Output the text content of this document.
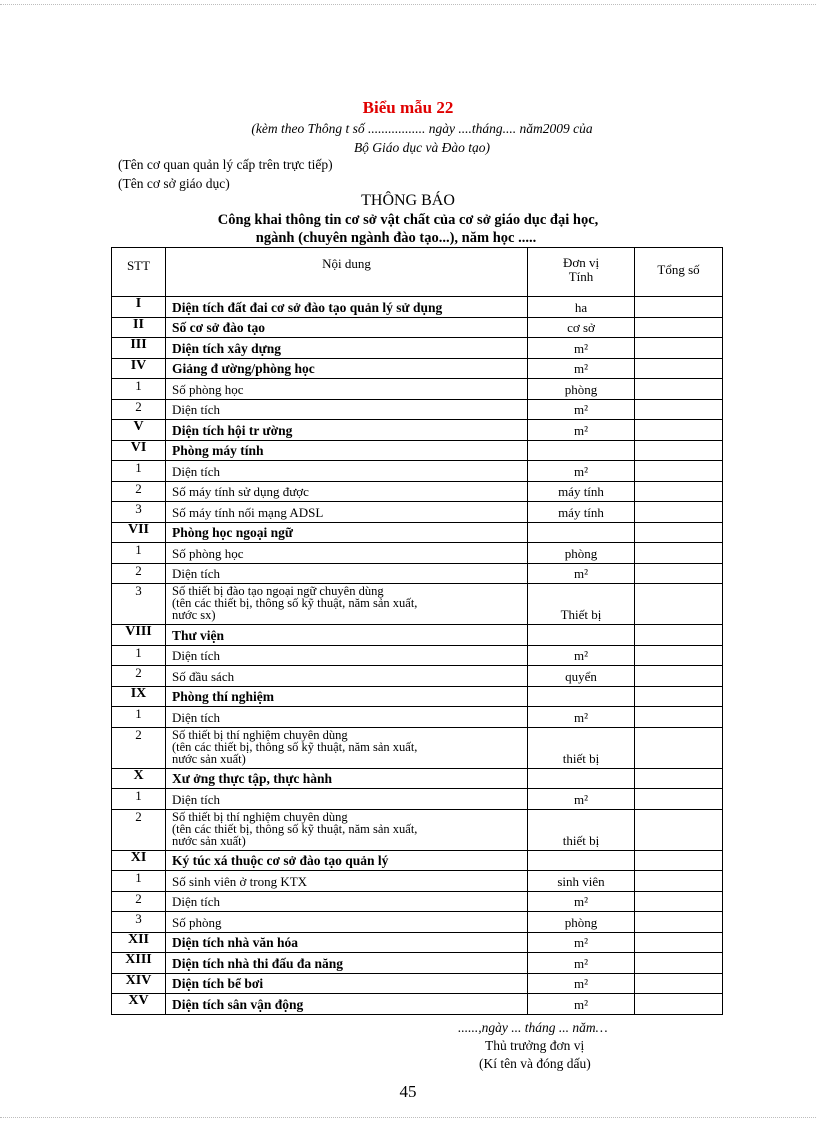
Biểu mẫu 22
(kèm theo Thông t số ................. ngày ....tháng.... năm2009 của
Bộ Giáo dục và Đào tạo)
(Tên cơ quan quản lý cấp trên trực tiếp)
(Tên cơ sở giáo dục)
THÔNG BÁO
Công khai thông tin cơ sở vật chất của cơ sở giáo dục đại học,
ngành (chuyên ngành đào tạo...), năm học .....
STT	Nội dung	Đơn vị Tính	Tổng số
I	Diện tích đất đai cơ sở đào tạo quản lý sử dụng	ha	
II	Số cơ sở đào tạo	cơ sở	
III	Diện tích xây dựng	m²	
IV	Giảng đ ường/phòng học	m²	
1	Số phòng học	phòng	
2	Diện tích	m²	
V	Diện tích hội tr ường	m²	
VI	Phòng máy tính		
1	Diện tích	m²	
2	Số máy tính sử dụng được	máy tính	
3	Số máy tính nối mạng ADSL	máy tính	
VII	Phòng học ngoại ngữ		
1	Số phòng học	phòng	
2	Diện tích	m²	
3	Số thiết bị đào tạo ngoại ngữ chuyên dùng
(tên các thiết bị, thông số kỹ thuật, năm sản xuất,
nước sx)	Thiết bị	
VIII	Thư viện		
1	Diện tích	m²	
2	Số đầu sách	quyển	
IX	Phòng thí nghiệm		
1	Diện tích	m²	
2	Số thiết bị thí nghiệm chuyên dùng
(tên các thiết bị, thông số kỹ thuật, năm sản xuất,
nước sản xuất)	thiết bị	
X	Xư ởng thực tập, thực hành		
1	Diện tích	m²	
2	Số thiết bị thí nghiệm chuyên dùng
(tên các thiết bị, thông số kỹ thuật, năm sản xuất,
nước sản xuất)	thiết bị	
XI	Ký túc xá thuộc cơ sở đào tạo quản lý		
1	Số sinh viên ở trong KTX	sinh viên	
2	Diện tích	m²	
3	Số phòng	phòng	
XII	Diện tích nhà văn hóa	m²	
XIII	Diện tích nhà thi đấu đa năng	m²	
XIV	Diện tích bể bơi	m²	
XV	Diện tích sân vận động	m²	
......,ngày ... tháng ... năm…
Thủ trưởng đơn vị
(Kí tên và đóng dấu)
45
